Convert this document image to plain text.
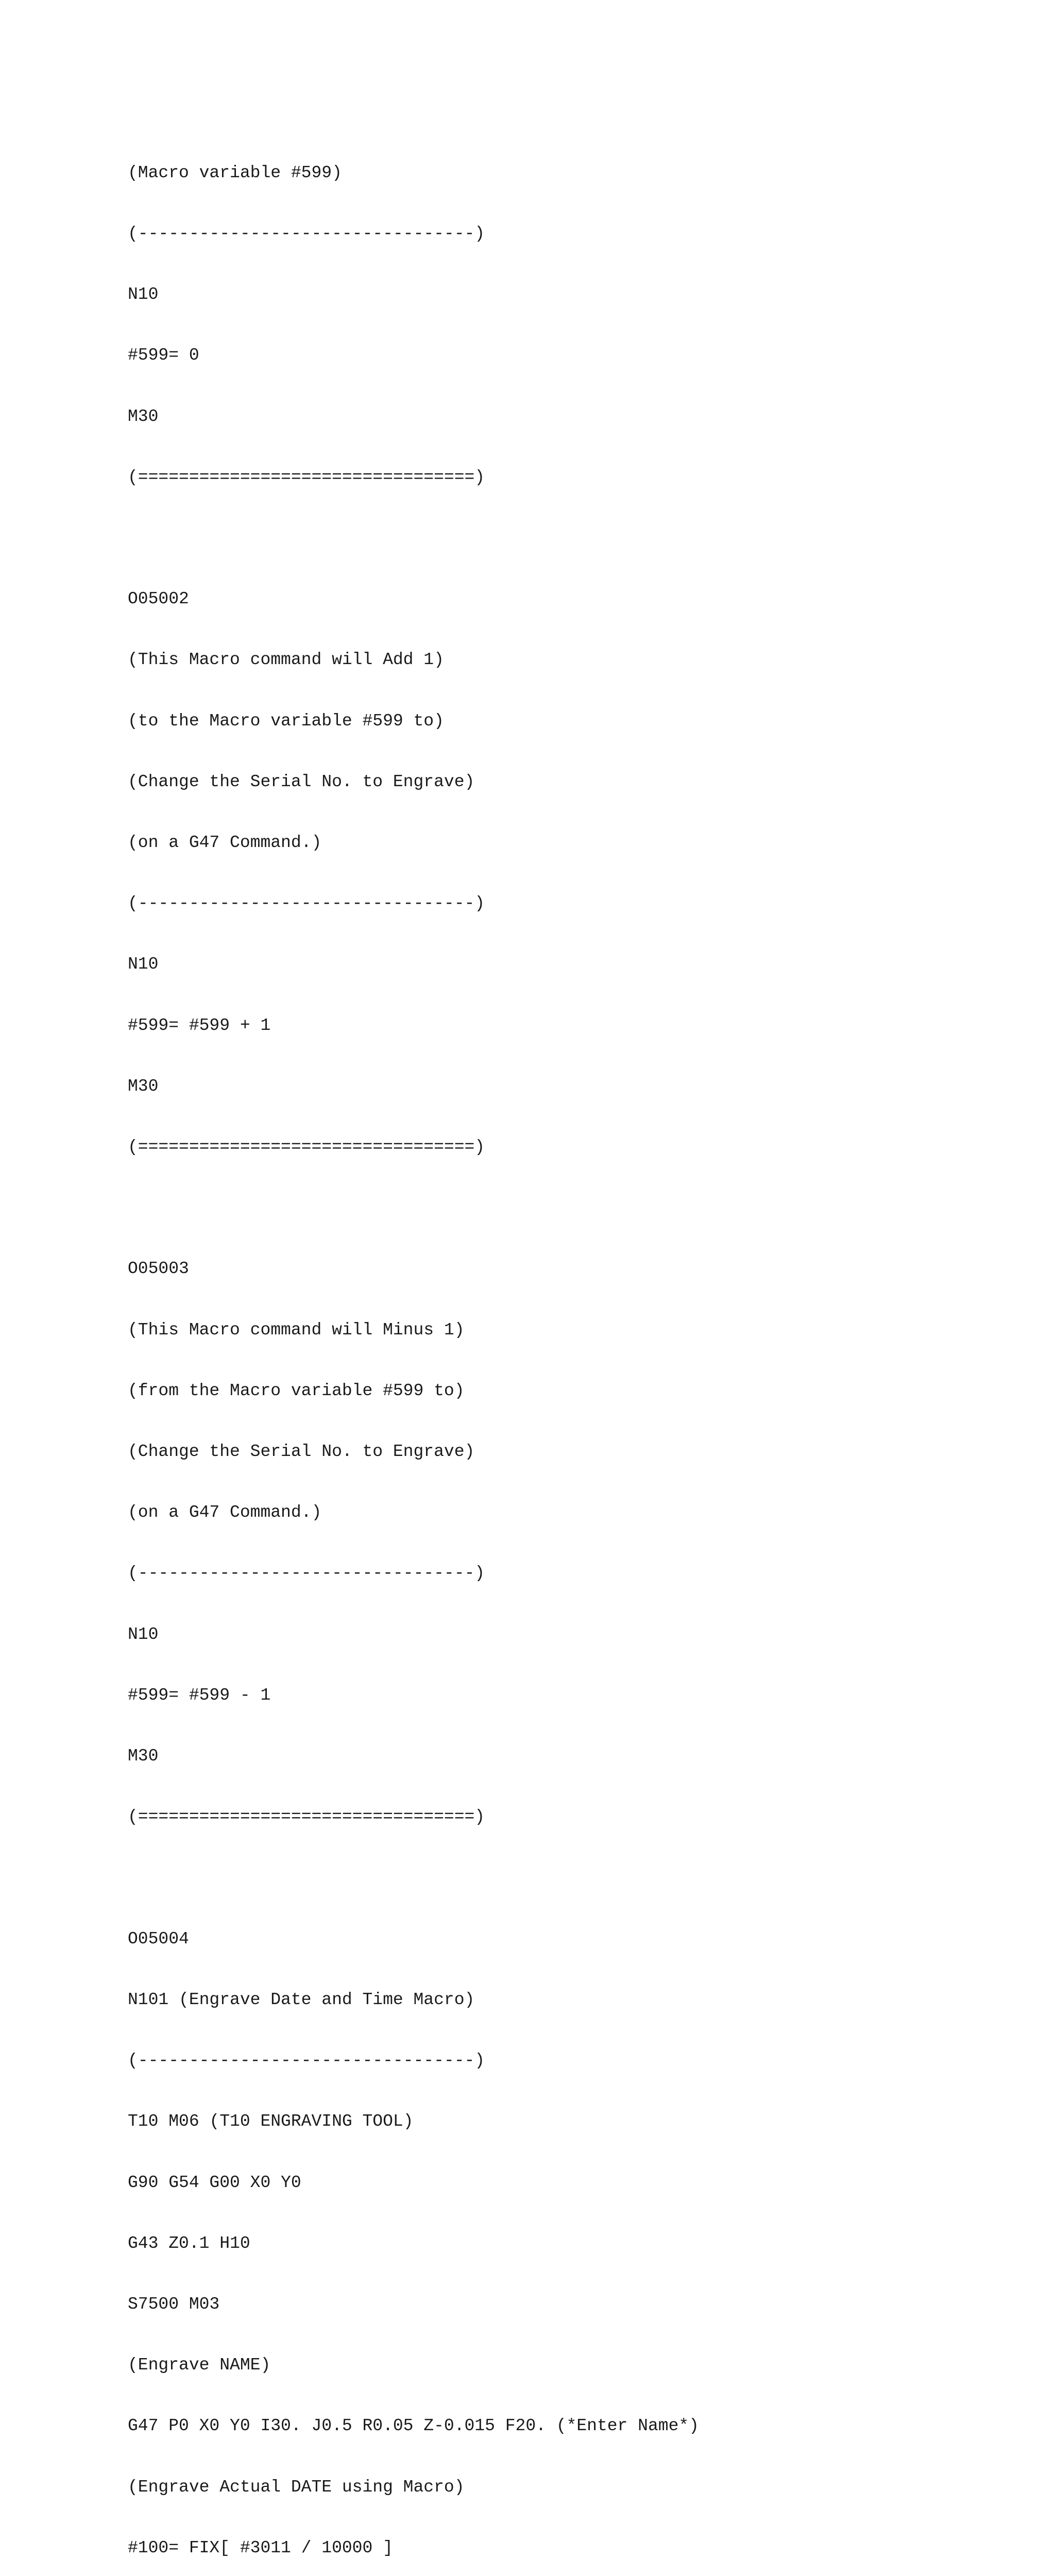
(Macro variable #599)

(---------------------------------)

N10

#599= 0

M30

(=================================)

O05002

(This Macro command will Add 1)

(to the Macro variable #599 to)

(Change the Serial No. to Engrave)

(on a G47 Command.)

(---------------------------------)

N10

#599= #599 + 1

M30

(=================================)

O05003

(This Macro command will Minus 1)

(from the Macro variable #599 to)

(Change the Serial No. to Engrave)

(on a G47 Command.)

(---------------------------------)

N10

#599= #599 - 1

M30

(=================================)

O05004

N101 (Engrave Date and Time Macro)

(---------------------------------)

T10 M06 (T10 ENGRAVING TOOL)

G90 G54 G00 X0 Y0

G43 Z0.1 H10

S7500 M03

(Engrave NAME)

G47 P0 X0 Y0 I30. J0.5 R0.05 Z-0.015 F20. (*Enter Name*)

(Engrave Actual DATE using Macro)

#100= FIX[ #3011 / 10000 ]
